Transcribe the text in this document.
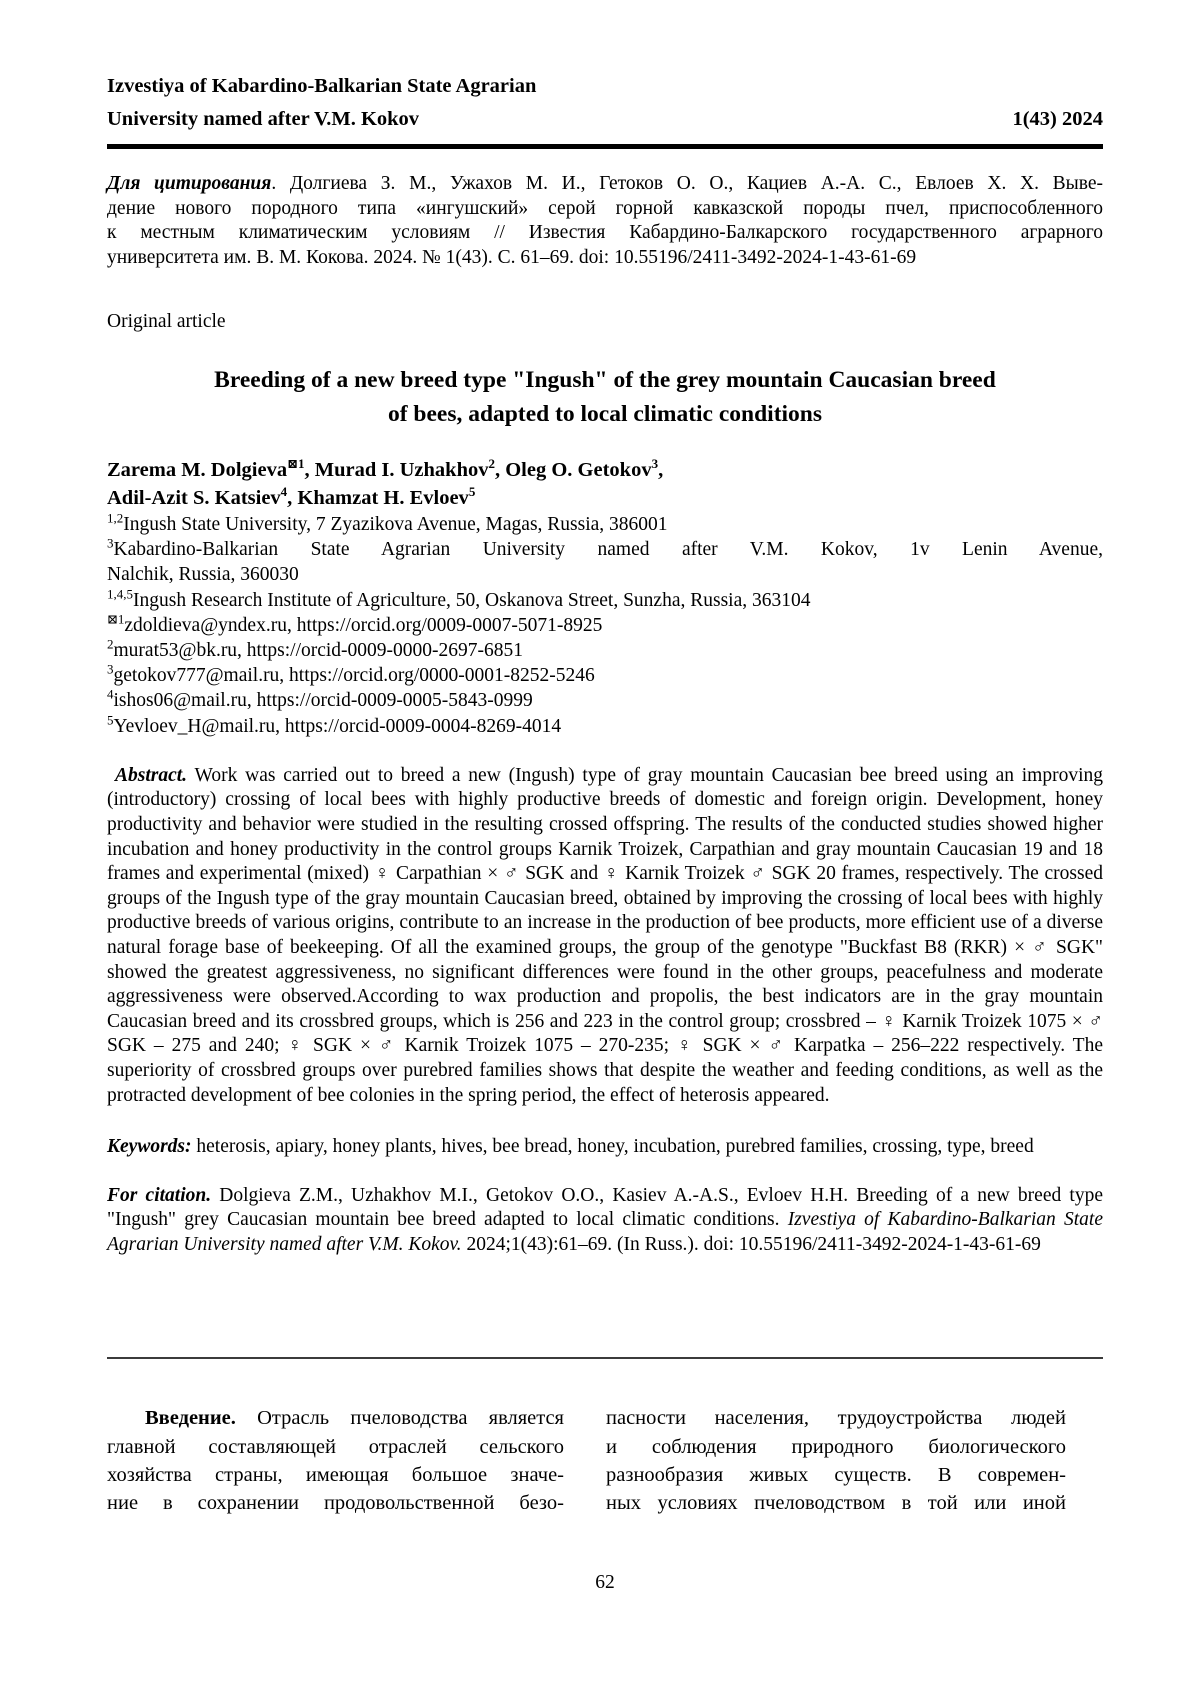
Izvestiya of Kabardino-Balkarian State Agrarian
University named after V.M. Kokov	1(43) 2024
Для цитирования. Долгиева З. М., Ужахов М. И., Гетоков О. О., Кациев А.-А. С., Евлоев Х. Х. Выве-
дение нового породного типа «ингушский» серой горной кавказской породы пчел, приспособленного
к местным климатическим условиям // Известия Кабардино-Балкарского государственного аграрного
университета им. В. М. Кокова. 2024. № 1(43). С. 61–69. doi: 10.55196/2411-3492-2024-1-43-61-69
Original article
Breeding of a new breed type "Ingush" of the grey mountain Caucasian breed
of bees, adapted to local climatic conditions
Zarema M. Dolgieva$^{⊠1}$, Murad I. Uzhakhov$^2$, Oleg O. Getokov$^3$,
Adil-Azit S. Katsiev$^4$, Khamzat H. Evloev$^5$
$^{1,2}$Ingush State University, 7 Zyazikova Avenue, Magas, Russia, 386001
$^3$Kabardino-Balkarian State Agrarian University named after V.M. Kokov, 1v Lenin Avenue,
Nalchik, Russia, 360030
$^{1,4,5}$Ingush Research Institute of Agriculture, 50, Oskanova Street, Sunzha, Russia, 363104
$^{⊠1}$zdoldieva@yndex.ru, https://orcid.org/0009-0007-5071-8925
$^2$murat53@bk.ru, https://orcid-0009-0000-2697-6851
$^3$getokov777@mail.ru, https://orcid.org/0000-0001-8252-5246
$^4$ishos06@mail.ru, https://orcid-0009-0005-5843-0999
$^5$Yevloev_H@mail.ru, https://orcid-0009-0004-8269-4014
Abstract. Work was carried out to breed a new (Ingush) type of gray mountain Caucasian bee breed using an improving (introductory) crossing of local bees with highly productive breeds of domestic and foreign origin. Development, honey productivity and behavior were studied in the resulting crossed offspring. The results of the conducted studies showed higher incubation and honey productivity in the control groups Karnik Troizek, Carpathian and gray mountain Caucasian 19 and 18 frames and experimental (mixed) ♀ Carpathian × ♂ SGK and ♀ Karnik Troizek ♂ SGK 20 frames, respectively. The crossed groups of the Ingush type of the gray mountain Caucasian breed, obtained by improving the crossing of local bees with highly productive breeds of various origins, contribute to an increase in the production of bee products, more efficient use of a diverse natural forage base of beekeeping. Of all the examined groups, the group of the genotype "Buckfast B8 (RKR) × ♂ SGK" showed the greatest aggressiveness, no significant differences were found in the other groups, peacefulness and moderate aggressiveness were observed.According to wax production and propolis, the best indicators are in the gray mountain Caucasian breed and its crossbred groups, which is 256 and 223 in the control group; crossbred – ♀ Karnik Troizek 1075 × ♂ SGK – 275 and 240; ♀ SGK × ♂ Karnik Troizek 1075 – 270-235; ♀ SGK × ♂ Karpatka – 256–222 respectively. The superiority of crossbred groups over purebred families shows that despite the weather and feeding conditions, as well as the protracted development of bee colonies in the spring period, the effect of heterosis appeared.
Keywords: heterosis, apiary, honey plants, hives, bee bread, honey, incubation, purebred families, crossing, type, breed
For citation. Dolgieva Z.M., Uzhakhov M.I., Getokov O.O., Kasiev A.-A.S., Evloev H.H. Breeding of a new breed type "Ingush" grey Caucasian mountain bee breed adapted to local climatic conditions. Izvestiya of Kabardino-Balkarian State Agrarian University named after V.M. Kokov. 2024;1(43):61–69. (In Russ.). doi: 10.55196/2411-3492-2024-1-43-61-69
Введение. Отрасль пчеловодства является
главной составляющей отраслей сельского
хозяйства страны, имеющая большое значе-
ние в сохранении продовольственной безо-
пасности населения, трудоустройства людей
и соблюдения природного биологического
разнообразия живых существ. В современ-
ных условиях пчеловодством в той или иной
62
